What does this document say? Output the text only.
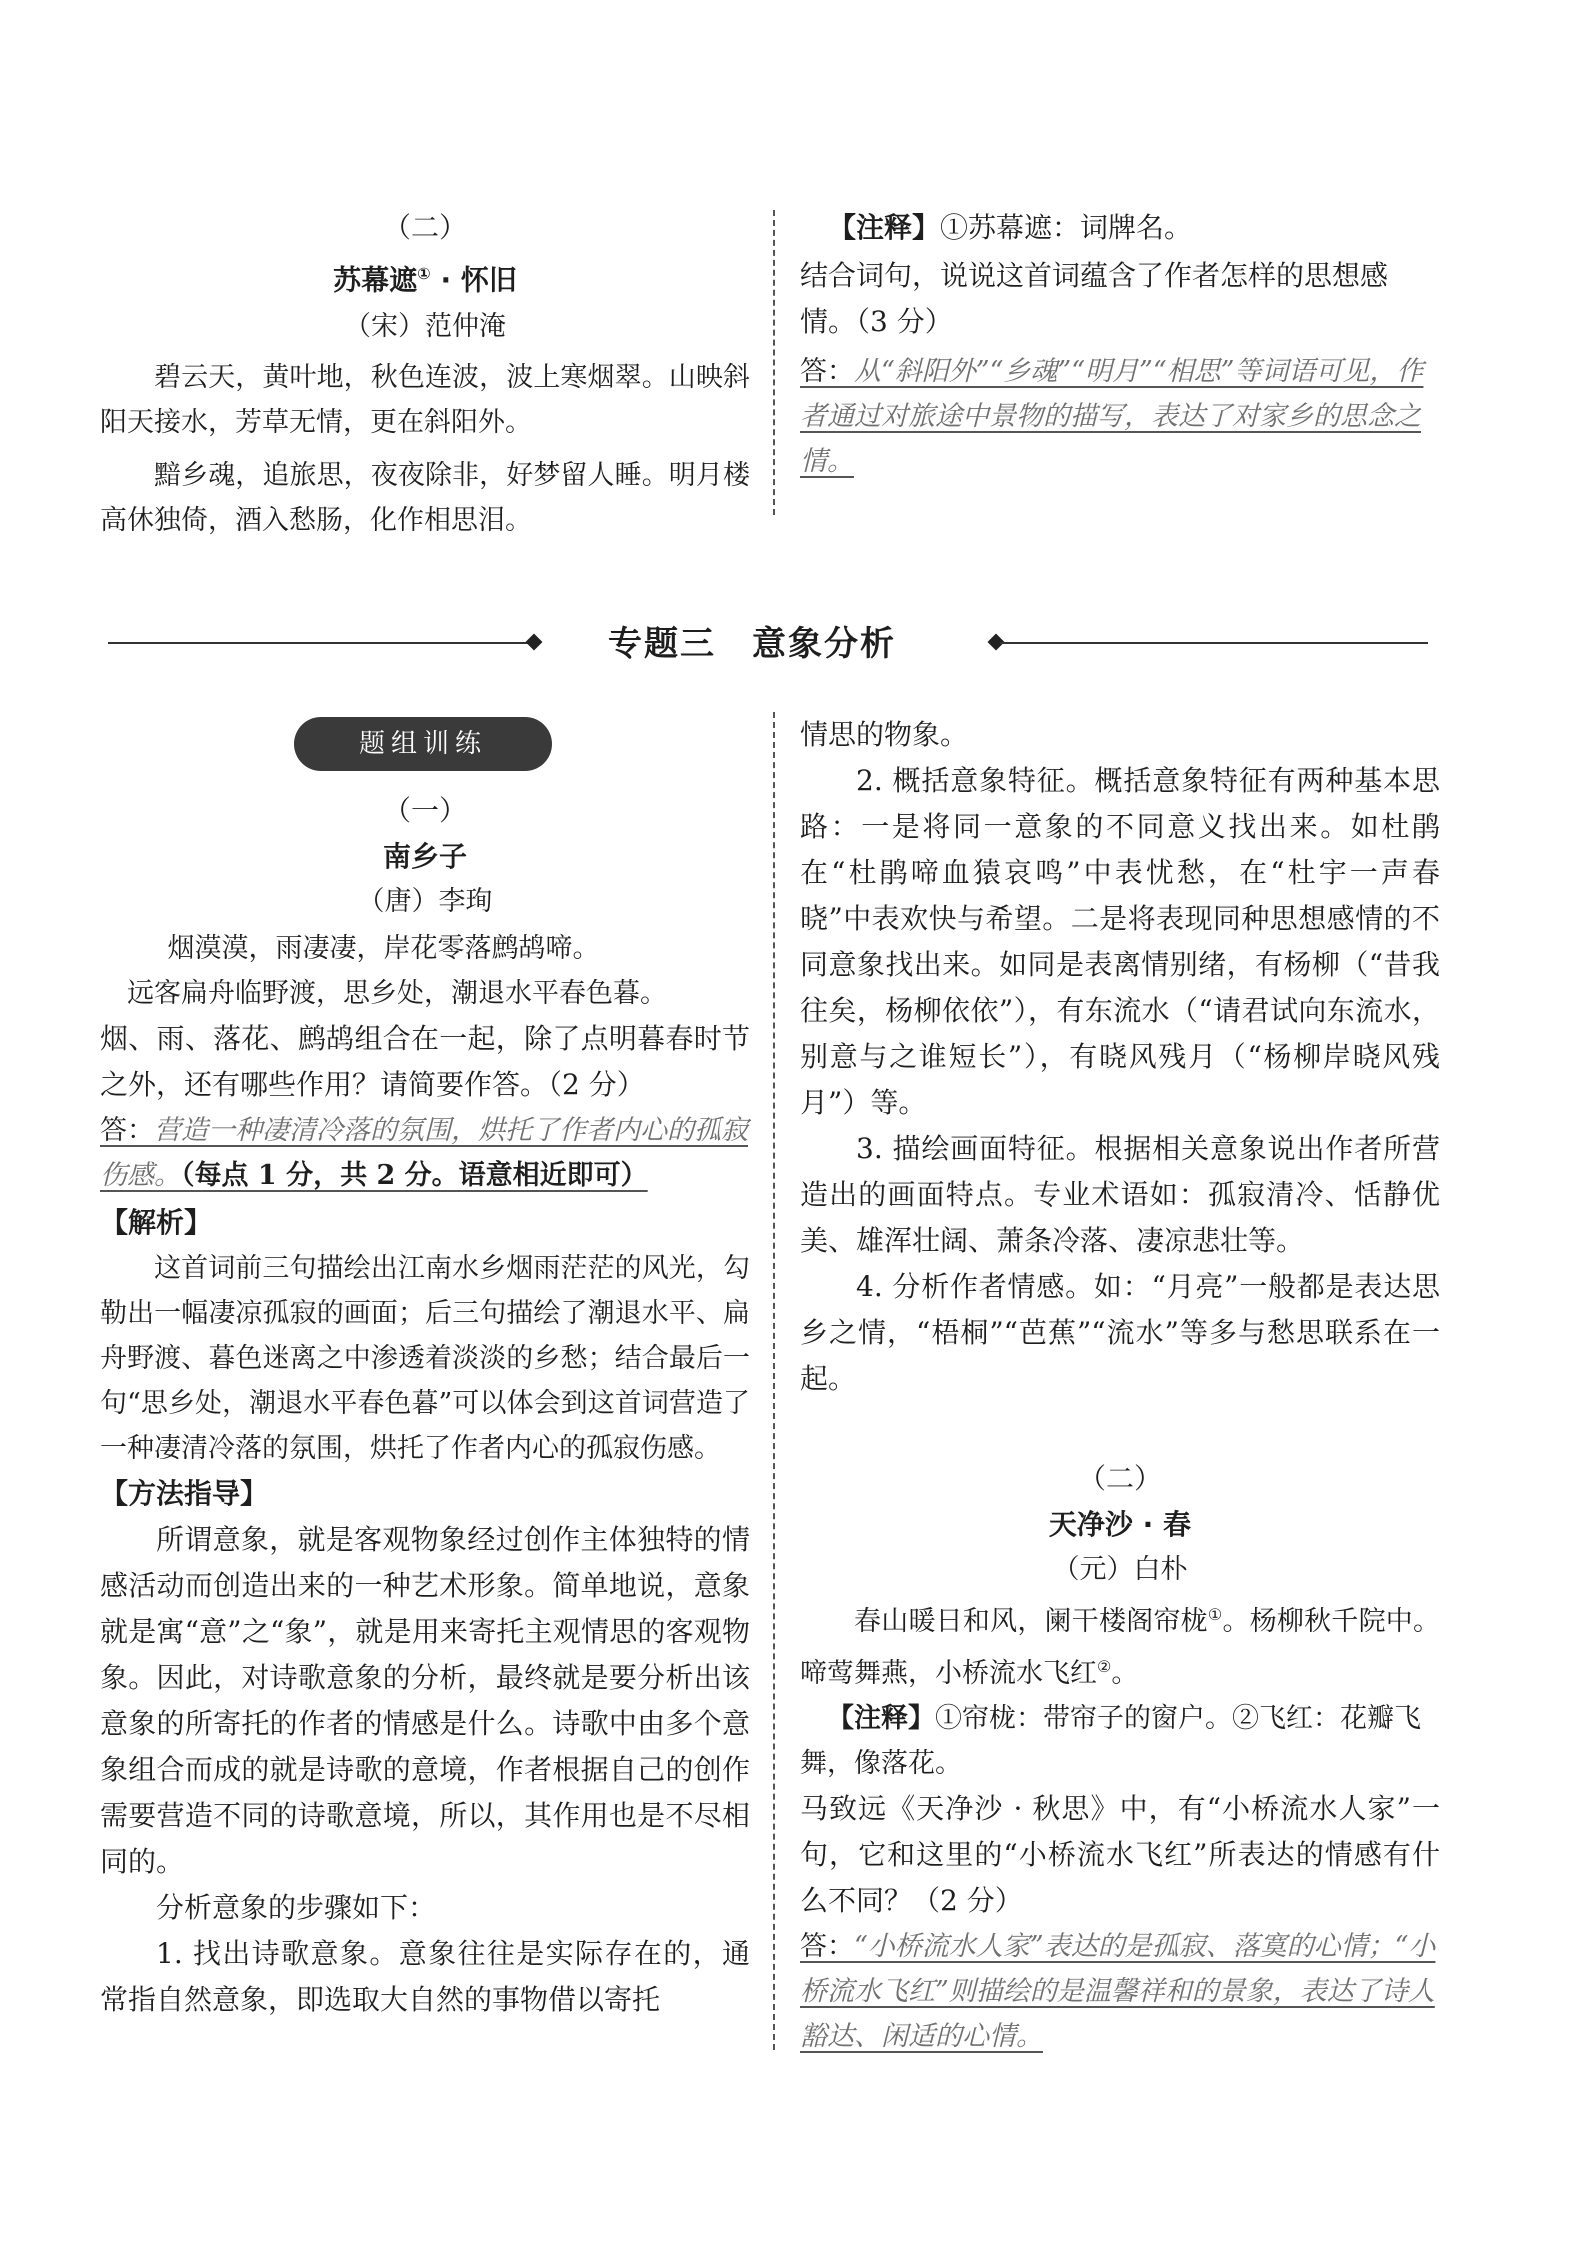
（二）
苏幕遮① · 怀旧
（宋）范仲淹

碧云天，黄叶地，秋色连波，波上寒烟翠。山映斜阳天接水，芳草无情，更在斜阳外。

黯乡魂，追旅思，夜夜除非，好梦留人睡。明月楼高休独倚，酒入愁肠，化作相思泪。

【注释】①苏幕遮：词牌名。

结合词句，说说这首词蕴含了作者怎样的思想感情。（3 分）

答：从“斜阳外”“乡魂”“明月”“相思”等词语可见，作者通过对旅途中景物的描写，表达了对家乡的思念之情。

专题三　意象分析
题组训练
（一）
南乡子
（唐）李珣

烟漠漠，雨凄凄，岸花零落鹧鸪啼。

远客扁舟临野渡，思乡处，潮退水平春色暮。

烟、雨、落花、鹧鸪组合在一起，除了点明暮春时节之外，还有哪些作用？请简要作答。（2 分）

答：营造一种凄清冷落的氛围，烘托了作者内心的孤寂伤感。（每点 1 分，共 2 分。语意相近即可）

【解析】

这首词前三句描绘出江南水乡烟雨茫茫的风光，勾勒出一幅凄凉孤寂的画面；后三句描绘了潮退水平、扁舟野渡、暮色迷离之中渗透着淡淡的乡愁；结合最后一句“思乡处，潮退水平春色暮”可以体会到这首词营造了一种凄清冷落的氛围，烘托了作者内心的孤寂伤感。

【方法指导】

所谓意象，就是客观物象经过创作主体独特的情感活动而创造出来的一种艺术形象。简单地说，意象就是寓“意”之“象”，就是用来寄托主观情思的客观物象。因此，对诗歌意象的分析，最终就是要分析出该意象的所寄托的作者的情感是什么。诗歌中由多个意象组合而成的就是诗歌的意境，作者根据自己的创作需要营造不同的诗歌意境，所以，其作用也是不尽相同的。

分析意象的步骤如下：

1. 找出诗歌意象。意象往往是实际存在的，通常指自然意象，即选取大自然的事物借以寄托

情思的物象。

2. 概括意象特征。概括意象特征有两种基本思路：一是将同一意象的不同意义找出来。如杜鹃在“杜鹃啼血猿哀鸣”中表忧愁，在“杜宇一声春晓”中表欢快与希望。二是将表现同种思想感情的不同意象找出来。如同是表离情别绪，有杨柳（“昔我往矣，杨柳依依”），有东流水（“请君试向东流水，别意与之谁短长”），有晓风残月（“杨柳岸晓风残月”）等。

3. 描绘画面特征。根据相关意象说出作者所营造出的画面特点。专业术语如：孤寂清冷、恬静优美、雄浑壮阔、萧条冷落、凄凉悲壮等。

4. 分析作者情感。如：“月亮”一般都是表达思乡之情，“梧桐”“芭蕉”“流水”等多与愁思联系在一起。

（二）
天净沙 · 春
（元）白朴

春山暖日和风，阑干楼阁帘栊①。杨柳秋千院中。啼莺舞燕，小桥流水飞红②。

【注释】①帘栊：带帘子的窗户。②飞红：花瓣飞舞，像落花。

马致远《天净沙 · 秋思》中，有“小桥流水人家”一句，它和这里的“小桥流水飞红”所表达的情感有什么不同？（2 分）

答：“小桥流水人家”表达的是孤寂、落寞的心情；“小桥流水飞红”则描绘的是温馨祥和的景象，表达了诗人豁达、闲适的心情。
